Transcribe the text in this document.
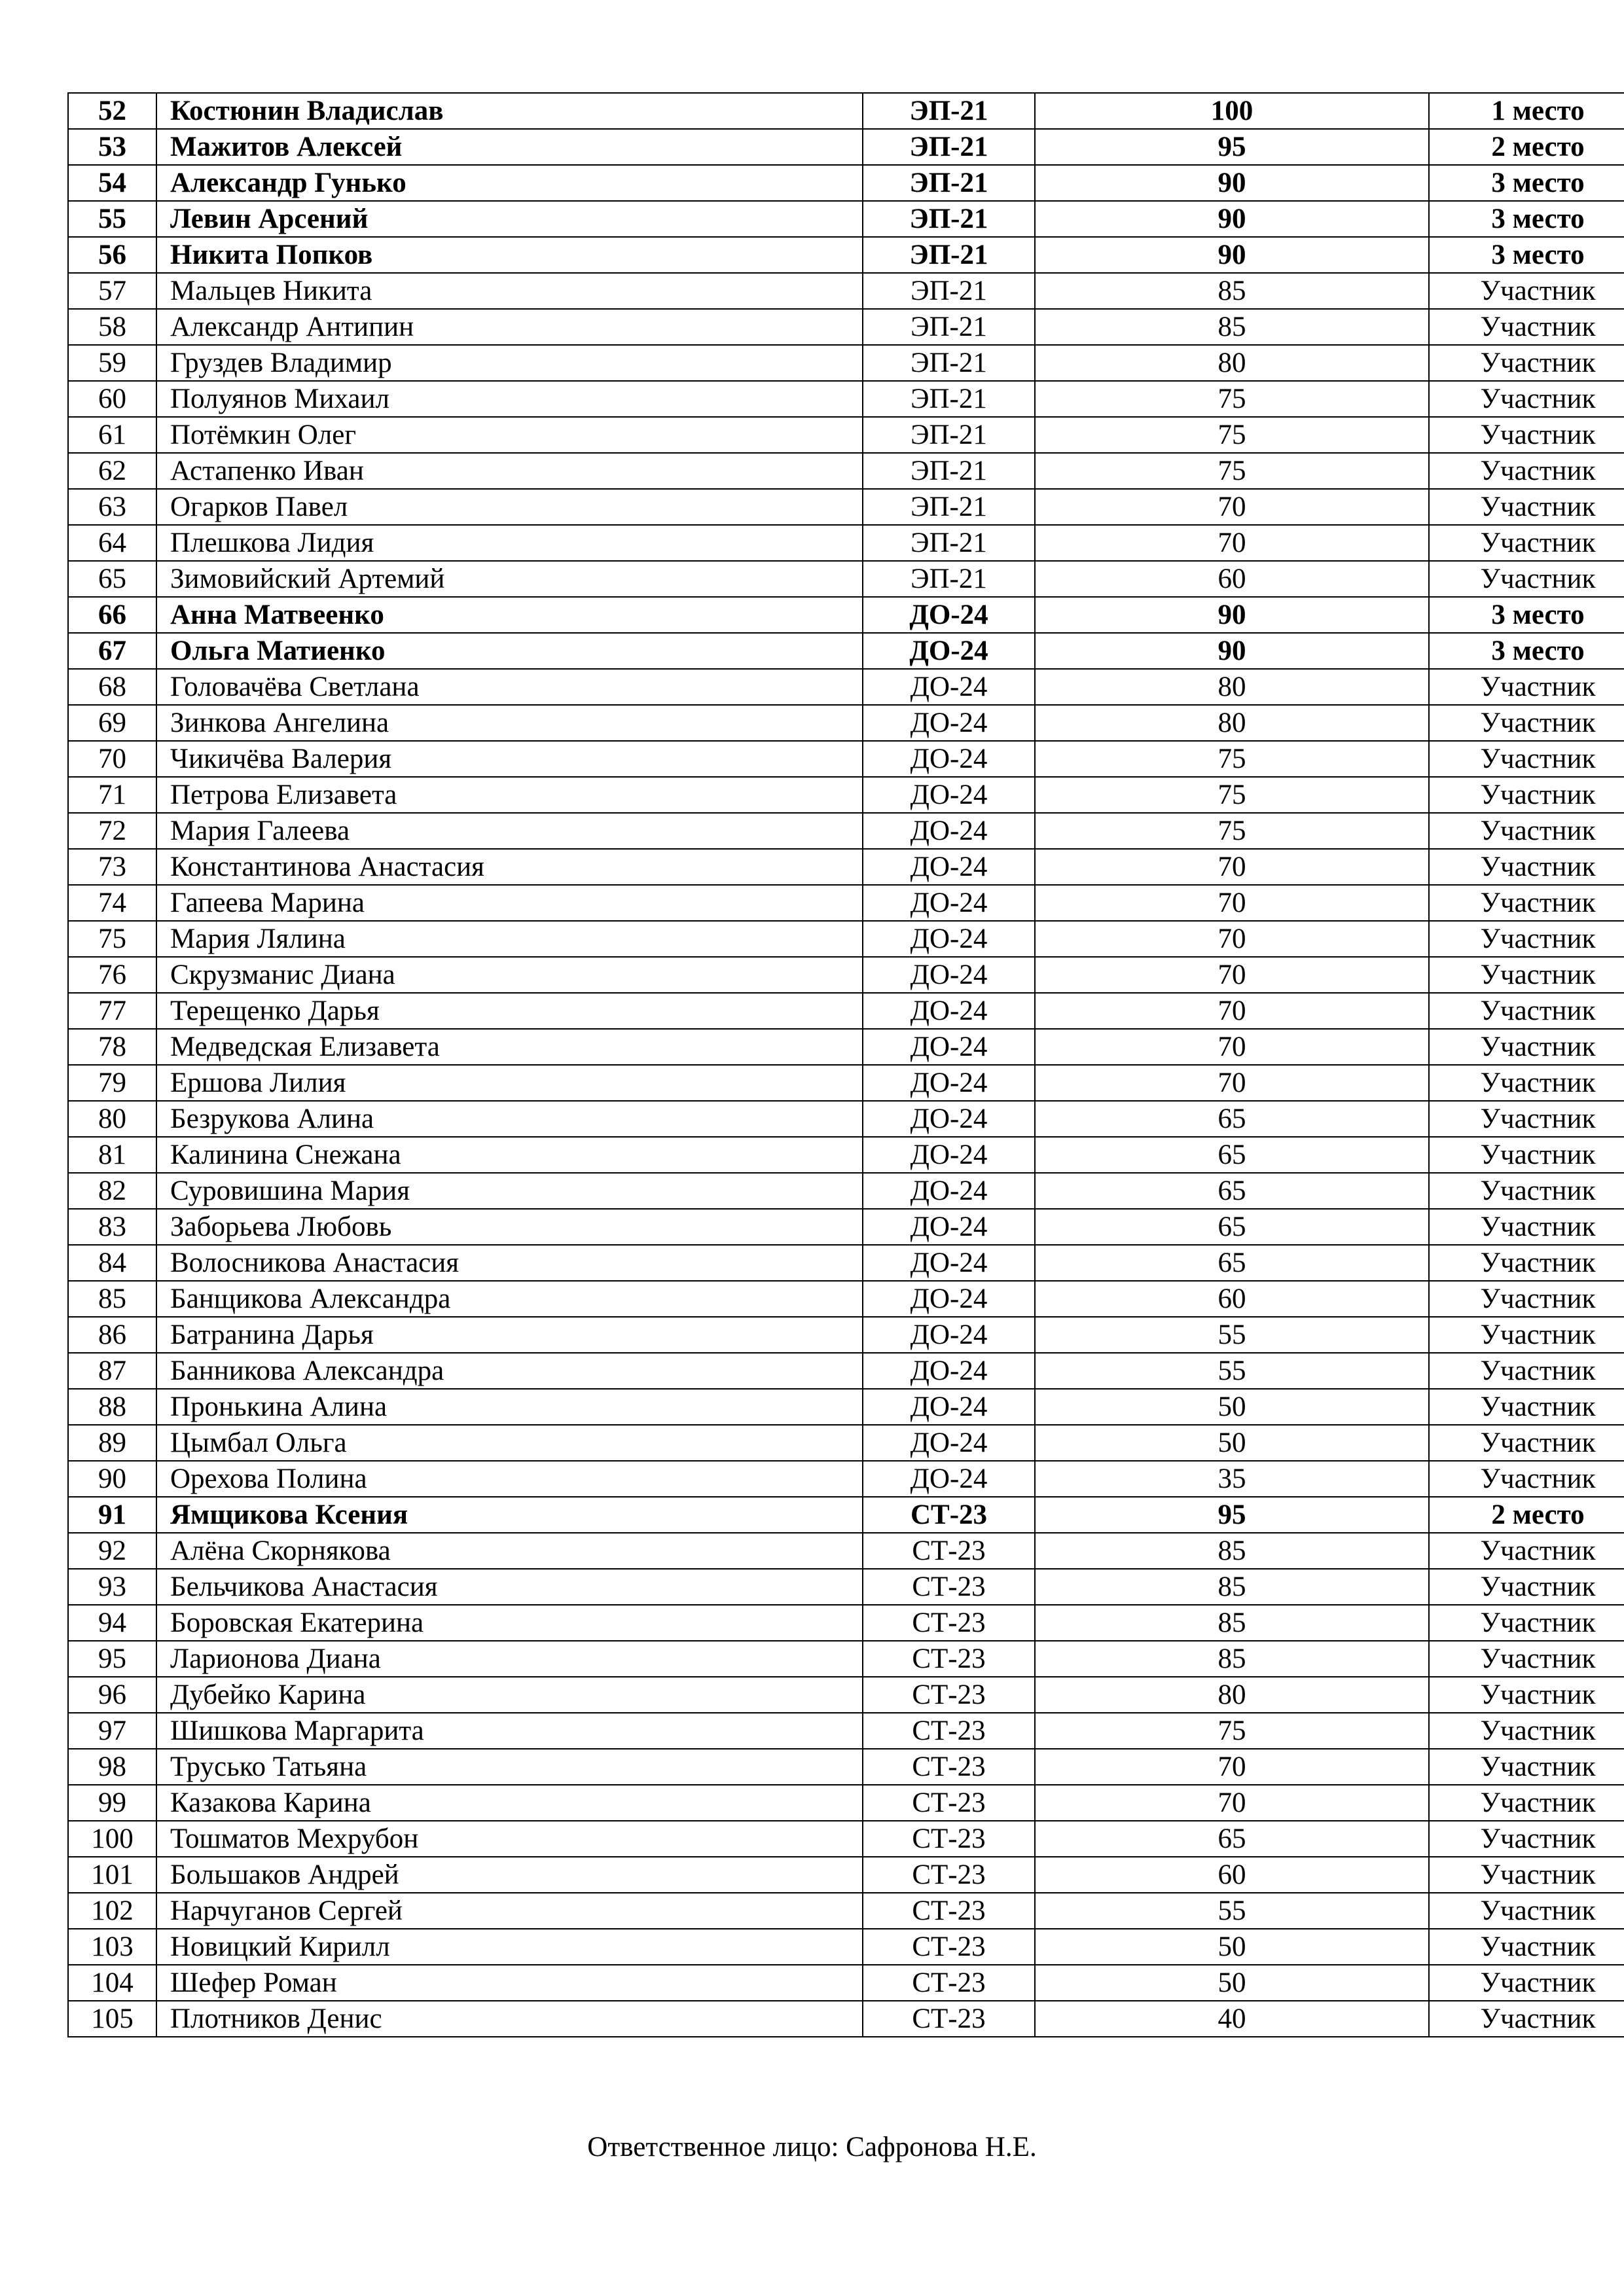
52	Костюнин Владислав	ЭП-21	100	1 место
53	Мажитов Алексей	ЭП-21	95	2 место
54	Александр Гунько	ЭП-21	90	3 место
55	Левин Арсений	ЭП-21	90	3 место
56	Никита Попков	ЭП-21	90	3 место
57	Мальцев Никита	ЭП-21	85	Участник
58	Александр Антипин	ЭП-21	85	Участник
59	Груздев Владимир	ЭП-21	80	Участник
60	Полуянов Михаил	ЭП-21	75	Участник
61	Потёмкин Олег	ЭП-21	75	Участник
62	Астапенко Иван	ЭП-21	75	Участник
63	Огарков Павел	ЭП-21	70	Участник
64	Плешкова Лидия	ЭП-21	70	Участник
65	Зимовийский Артемий	ЭП-21	60	Участник
66	Анна Матвеенко	ДО-24	90	3 место
67	Ольга Матиенко	ДО-24	90	3 место
68	Головачёва Светлана	ДО-24	80	Участник
69	Зинкова Ангелина	ДО-24	80	Участник
70	Чикичёва Валерия	ДО-24	75	Участник
71	Петрова Елизавета	ДО-24	75	Участник
72	Мария Галеева	ДО-24	75	Участник
73	Константинова Анастасия	ДО-24	70	Участник
74	Гапеева Марина	ДО-24	70	Участник
75	Мария Лялина	ДО-24	70	Участник
76	Скрузманис Диана	ДО-24	70	Участник
77	Терещенко Дарья	ДО-24	70	Участник
78	Медведская Елизавета	ДО-24	70	Участник
79	Ершова Лилия	ДО-24	70	Участник
80	Безрукова Алина	ДО-24	65	Участник
81	Калинина Снежана	ДО-24	65	Участник
82	Суровишина Мария	ДО-24	65	Участник
83	Заборьева Любовь	ДО-24	65	Участник
84	Волосникова Анастасия	ДО-24	65	Участник
85	Банщикова Александра	ДО-24	60	Участник
86	Батранина Дарья	ДО-24	55	Участник
87	Банникова Александра	ДО-24	55	Участник
88	Пронькина Алина	ДО-24	50	Участник
89	Цымбал Ольга	ДО-24	50	Участник
90	Орехова Полина	ДО-24	35	Участник
91	Ямщикова Ксения	СТ-23	95	2 место
92	Алёна Скорнякова	СТ-23	85	Участник
93	Бельчикова Анастасия	СТ-23	85	Участник
94	Боровская Екатерина	СТ-23	85	Участник
95	Ларионова Диана	СТ-23	85	Участник
96	Дубейко Карина	СТ-23	80	Участник
97	Шишкова Маргарита	СТ-23	75	Участник
98	Трусько Татьяна	СТ-23	70	Участник
99	Казакова Карина	СТ-23	70	Участник
100	Тошматов Мехрубон	СТ-23	65	Участник
101	Большаков Андрей	СТ-23	60	Участник
102	Нарчуганов Сергей	СТ-23	55	Участник
103	Новицкий Кирилл	СТ-23	50	Участник
104	Шефер Роман	СТ-23	50	Участник
105	Плотников Денис	СТ-23	40	Участник
Ответственное лицо: Сафронова Н.Е.
